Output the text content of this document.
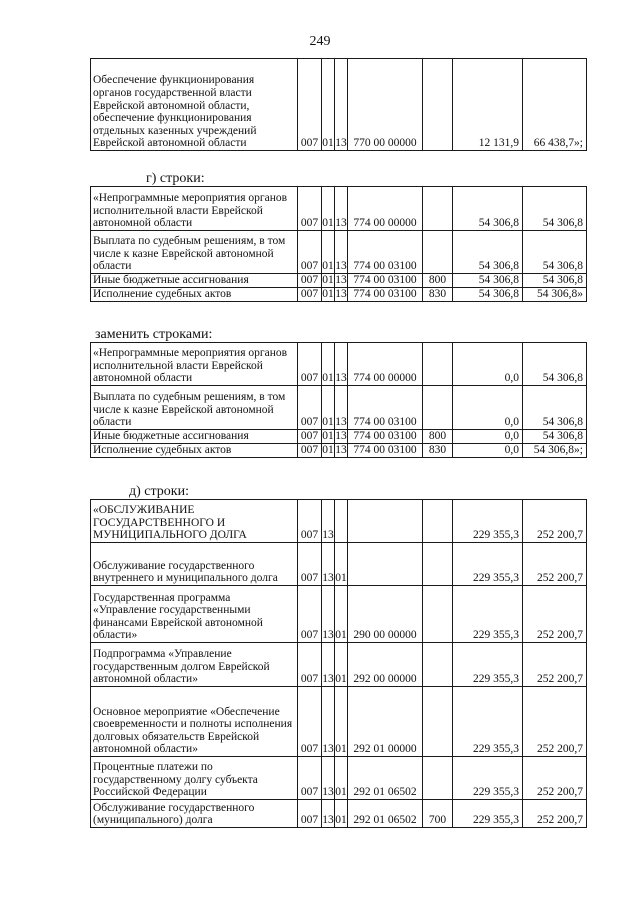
249
Обеспечение функционирования органов государственной власти Еврейской автономной области, обеспечение функционирования отдельных казенных учреждений Еврейской автономной области	007	01	13	770 00 00000		12 131,9	66 438,7»;
г) строки:
«Непрограммные мероприятия органов исполнительной власти Еврейской автономной области	007	01	13	774 00 00000		54 306,8	54 306,8
Выплата по судебным решениям, в том числе к казне Еврейской автономной области	007	01	13	774 00 03100		54 306,8	54 306,8
Иные бюджетные ассигнования	007	01	13	774 00 03100	800	54 306,8	54 306,8
Исполнение судебных актов	007	01	13	774 00 03100	830	54 306,8	54 306,8»
заменить строками:
«Непрограммные мероприятия органов исполнительной власти Еврейской автономной области	007	01	13	774 00 00000		0,0	54 306,8
Выплата по судебным решениям, в том числе к казне Еврейской автономной области	007	01	13	774 00 03100		0,0	54 306,8
Иные бюджетные ассигнования	007	01	13	774 00 03100	800	0,0	54 306,8
Исполнение судебных актов	007	01	13	774 00 03100	830	0,0	54 306,8»;
д) строки:
«ОБСЛУЖИВАНИЕ ГОСУДАРСТВЕННОГО И МУНИЦИПАЛЬНОГО ДОЛГА	007	13				229 355,3	252 200,7
Обслуживание государственного внутреннего и муниципального долга	007	13	01			229 355,3	252 200,7
Государственная программа «Управление государственными финансами Еврейской автономной области»	007	13	01	290 00 00000		229 355,3	252 200,7
Подпрограмма «Управление государственным долгом Еврейской автономной области»	007	13	01	292 00 00000		229 355,3	252 200,7
Основное мероприятие «Обеспечение своевременности и полноты исполнения долговых обязательств Еврейской автономной области»	007	13	01	292 01 00000		229 355,3	252 200,7
Процентные платежи по государственному долгу субъекта Российской Федерации	007	13	01	292 01 06502		229 355,3	252 200,7
Обслуживание государственного (муниципального) долга	007	13	01	292 01 06502	700	229 355,3	252 200,7
